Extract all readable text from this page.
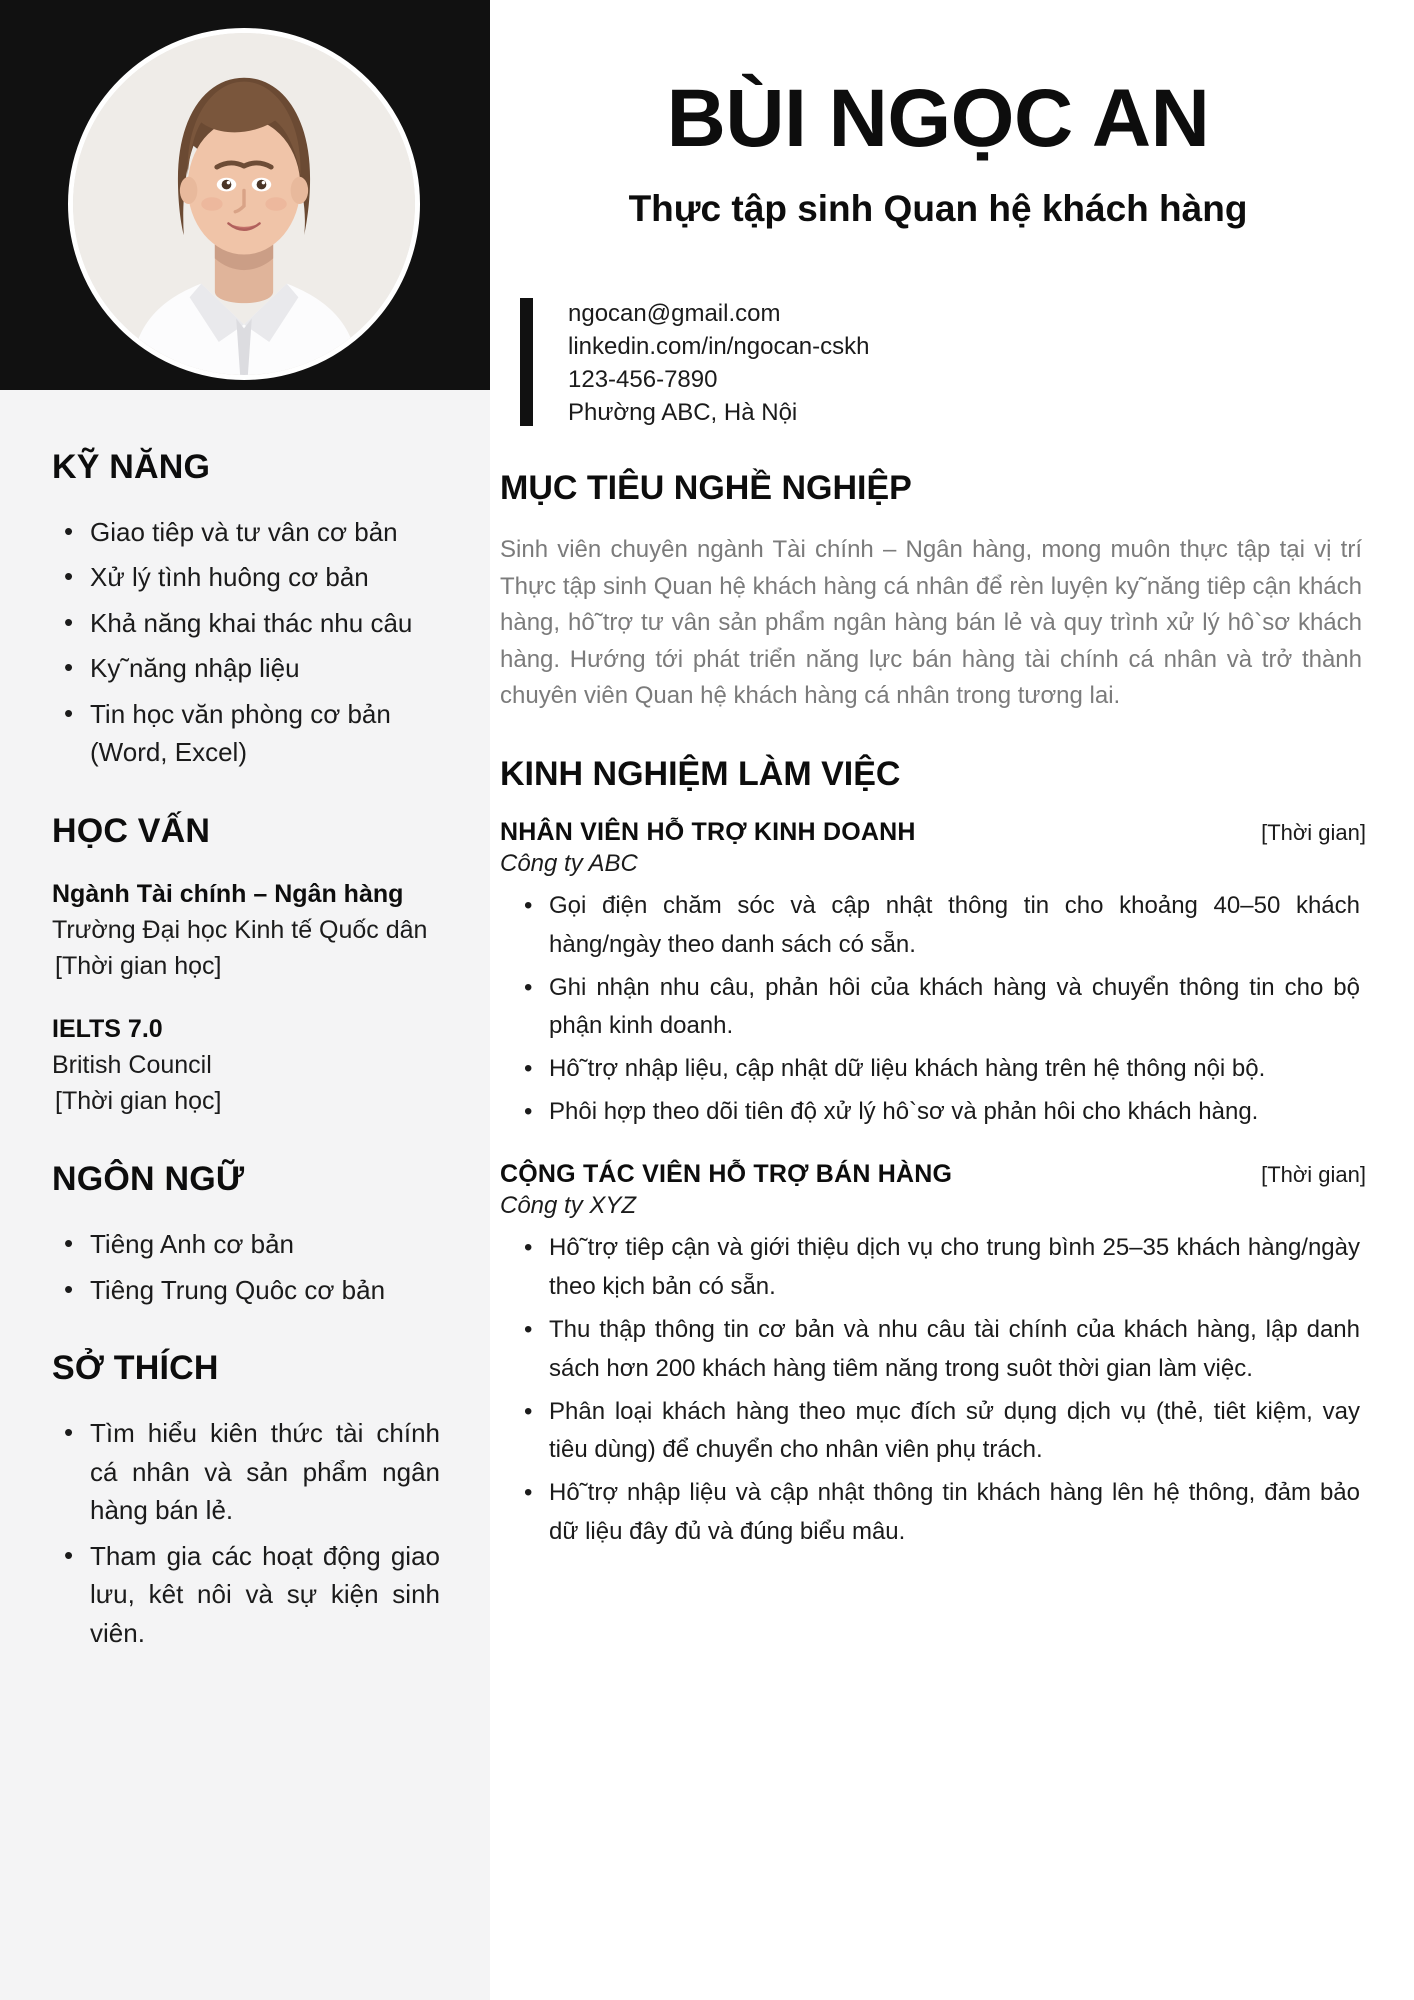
KỸ NĂNG
• Giao tiêp và tư vân cơ bản
• Xử lý tình huông cơ bản
• Khả năng khai thác nhu câu
• Ky˜năng nhập liệu
• Tin học văn phòng cơ bản (Word, Excel)
HỌC VẤN
Ngành Tài chính – Ngân hàng
Trường Đại học Kinh tế Quốc dân
[Thời gian học]
IELTS 7.0
British Council
[Thời gian học]
NGÔN NGỮ
• Tiêng Anh cơ bản
• Tiêng Trung Quôc cơ bản
SỞ THÍCH
• Tìm hiểu kiên thức tài chính cá nhân và sản phẩm ngân hàng bán lẻ.
• Tham gia các hoạt động giao lưu, kêt nôi và sự kiện sinh viên.
BÙI NGỌC AN
Thực tập sinh Quan hệ khách hàng
ngocan@gmail.com
linkedin.com/in/ngocan-cskh
123-456-7890
Phường ABC, Hà Nội
MỤC TIÊU NGHỀ NGHIỆP
Sinh viên chuyên ngành Tài chính – Ngân hàng, mong muôn thực tập tại vị trí Thực tập sinh Quan hệ khách hàng cá nhân để rèn luyện ky˜năng tiêp cận khách hàng, hô˜trợ tư vân sản phẩm ngân hàng bán lẻ và quy trình xử lý hô`sơ khách hàng. Hướng tới phát triển năng lực bán hàng tài chính cá nhân và trở thành chuyên viên Quan hệ khách hàng cá nhân trong tương lai.
KINH NGHIỆM LÀM VIỆC
NHÂN VIÊN HỖ TRỢ KINH DOANH	[Thời gian]
Công ty ABC
• Gọi điện chăm sóc và cập nhật thông tin cho khoảng 40–50 khách hàng/ngày theo danh sách có sẵn.
• Ghi nhận nhu câu, phản hôi của khách hàng và chuyển thông tin cho bộ phận kinh doanh.
• Hô˜trợ nhập liệu, cập nhật dữ liệu khách hàng trên hệ thông nội bộ.
• Phôi hợp theo dõi tiên độ xử lý hô`sơ và phản hôi cho khách hàng.
CỘNG TÁC VIÊN HỖ TRỢ BÁN HÀNG	[Thời gian]
Công ty XYZ
• Hô˜trợ tiêp cận và giới thiệu dịch vụ cho trung bình 25–35 khách hàng/ngày theo kịch bản có sẵn.
• Thu thập thông tin cơ bản và nhu câu tài chính của khách hàng, lập danh sách hơn 200 khách hàng tiêm năng trong suôt thời gian làm việc.
• Phân loại khách hàng theo mục đích sử dụng dịch vụ (thẻ, tiêt kiệm, vay tiêu dùng) để chuyển cho nhân viên phụ trách.
• Hô˜trợ nhập liệu và cập nhật thông tin khách hàng lên hệ thông, đảm bảo dữ liệu đây đủ và đúng biểu mâu.
